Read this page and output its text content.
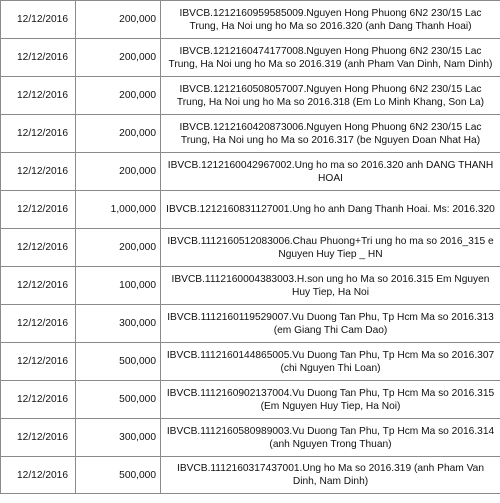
12/12/2016	200,000	IBVCB.1212160959585009.Nguyen Hong Phuong 6N2 230/15 Lac Trung, Ha Noi ung ho Ma so 2016.320 (anh Dang Thanh Hoai)
12/12/2016	200,000	IBVCB.1212160474177008.Nguyen Hong Phuong 6N2 230/15 Lac Trung, Ha Noi ung ho Ma so 2016.319 (anh Pham Van Dinh, Nam Dinh)
12/12/2016	200,000	IBVCB.1212160508057007.Nguyen Hong Phuong 6N2 230/15 Lac Trung, Ha Noi ung ho Ma so 2016.318 (Em Lo Minh Khang, Son La)
12/12/2016	200,000	IBVCB.1212160420873006.Nguyen Hong Phuong 6N2 230/15 Lac Trung, Ha Noi ung ho Ma so 2016.317 (be Nguyen Doan Nhat Ha)
12/12/2016	200,000	IBVCB.1212160042967002.Ung ho ma so 2016.320 anh DANG THANH HOAI
12/12/2016	1,000,000	IBVCB.1212160831127001.Ung ho anh Dang Thanh Hoai. Ms: 2016.320
12/12/2016	200,000	IBVCB.1112160512083006.Chau Phuong+Tri ung ho ma so 2016_315 e Nguyen Huy Tiep _ HN
12/12/2016	100,000	IBVCB.1112160004383003.H.son ung ho Ma so 2016.315 Em Nguyen Huy Tiep, Ha Noi
12/12/2016	300,000	IBVCB.1112160119529007.Vu Duong Tan Phu, Tp Hcm Ma so 2016.313 (em Giang Thi Cam Dao)
12/12/2016	500,000	IBVCB.1112160144865005.Vu Duong Tan Phu, Tp Hcm Ma so 2016.307 (chi Nguyen Thi Loan)
12/12/2016	500,000	IBVCB.1112160902137004.Vu Duong Tan Phu, Tp Hcm Ma so 2016.315 (Em Nguyen Huy Tiep, Ha Noi)
12/12/2016	300,000	IBVCB.1112160580989003.Vu Duong Tan Phu, Tp Hcm Ma so 2016.314 (anh Nguyen Trong Thuan)
12/12/2016	500,000	IBVCB.1112160317437001.Ung ho Ma so 2016.319 (anh Pham Van Dinh, Nam Dinh)
